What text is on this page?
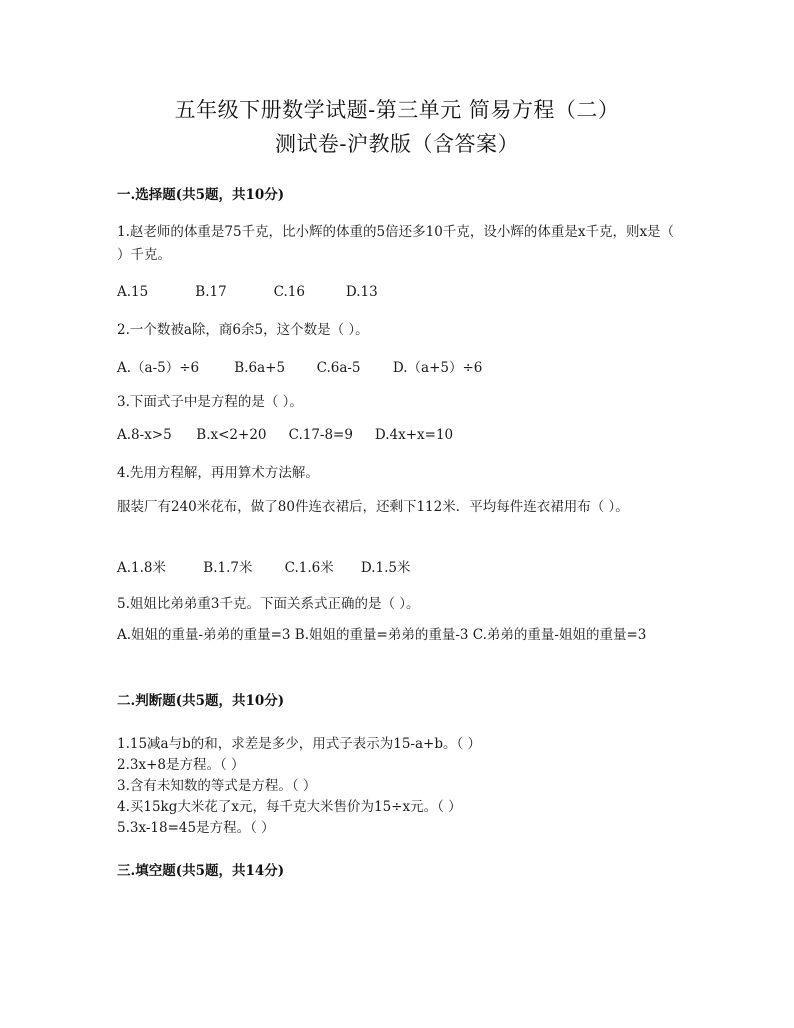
五年级下册数学试题-第三单元 简易方程（二）
测试卷-沪教版（含答案）
一.选择题(共5题，共10分)
1.赵老师的体重是75千克，比小辉的体重的5倍还多10千克，设小辉的体重是x千克，则x是（ ）千克。
A.15	B.17	C.16	D.13
2.一个数被a除，商6余5，这个数是（ ）。
A.（a-5）÷6	B.6a+5 C.6a-5 D.（a+5）÷6
3.下面式子中是方程的是（ ）。
A.8-x>5 B.x<2+20 C.17-8=9 D.4x+x=10
4.先用方程解，再用算术方法解。
服装厂有240米花布，做了80件连衣裙后，还剩下112米．平均每件连衣裙用布（ ）。
A.1.8米	B.1.7米 C.1.6米 D.1.5米
5.姐姐比弟弟重3千克。下面关系式正确的是（ ）。
A.姐姐的重量-弟弟的重量=3 B.姐姐的重量=弟弟的重量-3 C.弟弟的重量-姐姐的重量=3
二.判断题(共5题，共10分)
1.15减a与b的和，求差是多少，用式子表示为15-a+b。（ ）
2.3x+8是方程。（ ）
3.含有未知数的等式是方程。（ ）
4.买15kg大米花了x元，每千克大米售价为15÷x元。（ ）
5.3x-18=45是方程。（ ）
三.填空题(共5题，共14分)
